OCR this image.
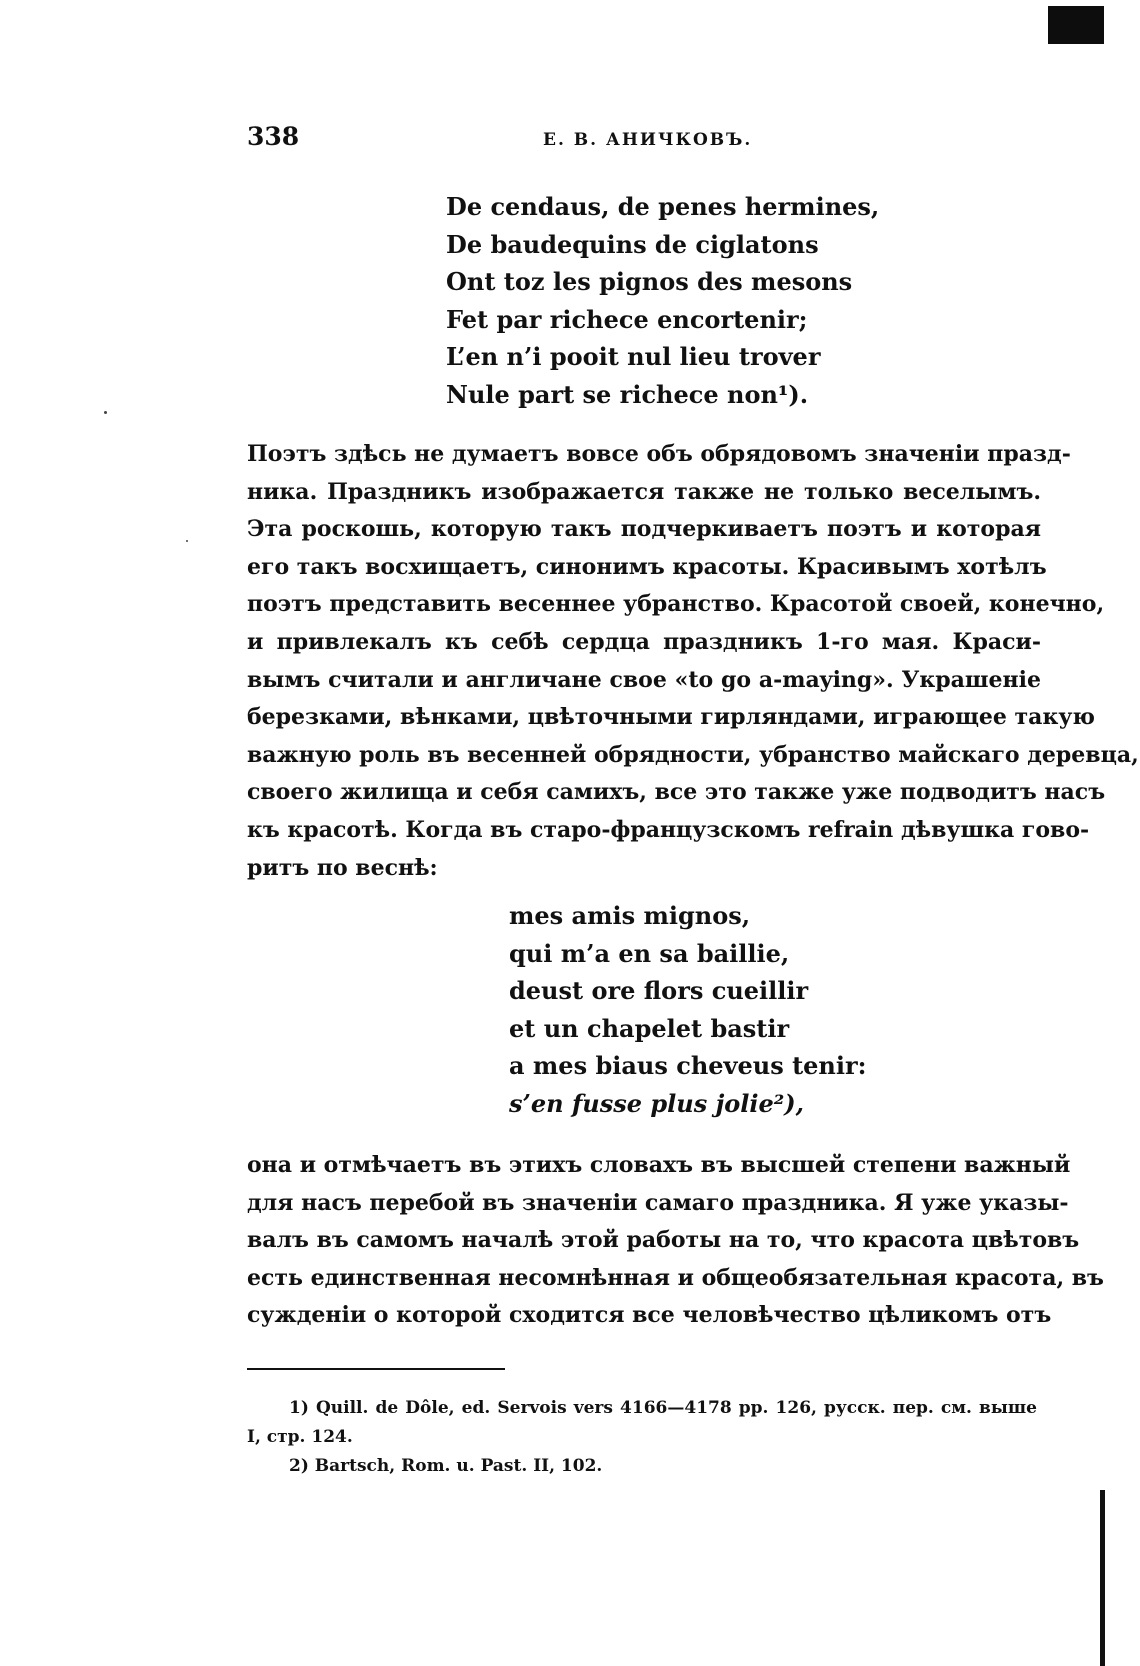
338	Е. В. АНИЧКОВЪ.
De cendaus, de penes hermines,
De baudequins de ciglatons
Ont toz les pignos des mesons
Fet par richece encortenir;
L’en n’i pooit nul lieu trover
Nule part se richece non¹).
Поэтъ здѣсь не думаетъ вовсе объ обрядовомъ значенiи празд-
ника. Праздникъ изображается также не только веселымъ.
Эта роскошь, которую такъ подчеркиваетъ поэтъ и которая
его такъ восхищаетъ, синонимъ красоты. Красивымъ хотѣлъ
поэтъ представить весеннее убранство. Красотой своей, конечно,
и привлекалъ къ себѣ сердца праздникъ 1-го мая. Краси-
вымъ считали и англичане свое «to go a-maying». Украшенiе
березками, вѣнками, цвѣточными гирляндами, играющее такую
важную роль въ весенней обрядности, убранство майскаго деревца,
своего жилища и себя самихъ, все это также уже подводитъ насъ
къ красотѣ. Когда въ старо-французскомъ refrain дѣвушка гово-
ритъ по веснѣ:
mes amis mignos,
qui m’a en sa baillie,
deust ore flors cueillir
et un chapelet bastir
a mes biaus cheveus tenir:
s’en fusse plus jolie²),
она и отмѣчаетъ въ этихъ словахъ въ высшей степени важный
для насъ перебой въ значенiи самаго праздника. Я уже указы-
валъ въ самомъ началѣ этой работы на то, что красота цвѣтовъ
есть единственная несомнѣнная и общеобязательная красота, въ
сужденiи о которой сходится все человѣчество цѣликомъ отъ
1) Quill. de Dôle, ed. Servois vers 4166—4178 pp. 126, русск. пер. см. выше
I, стр. 124.
2) Bartsch, Rom. u. Past. II, 102.
